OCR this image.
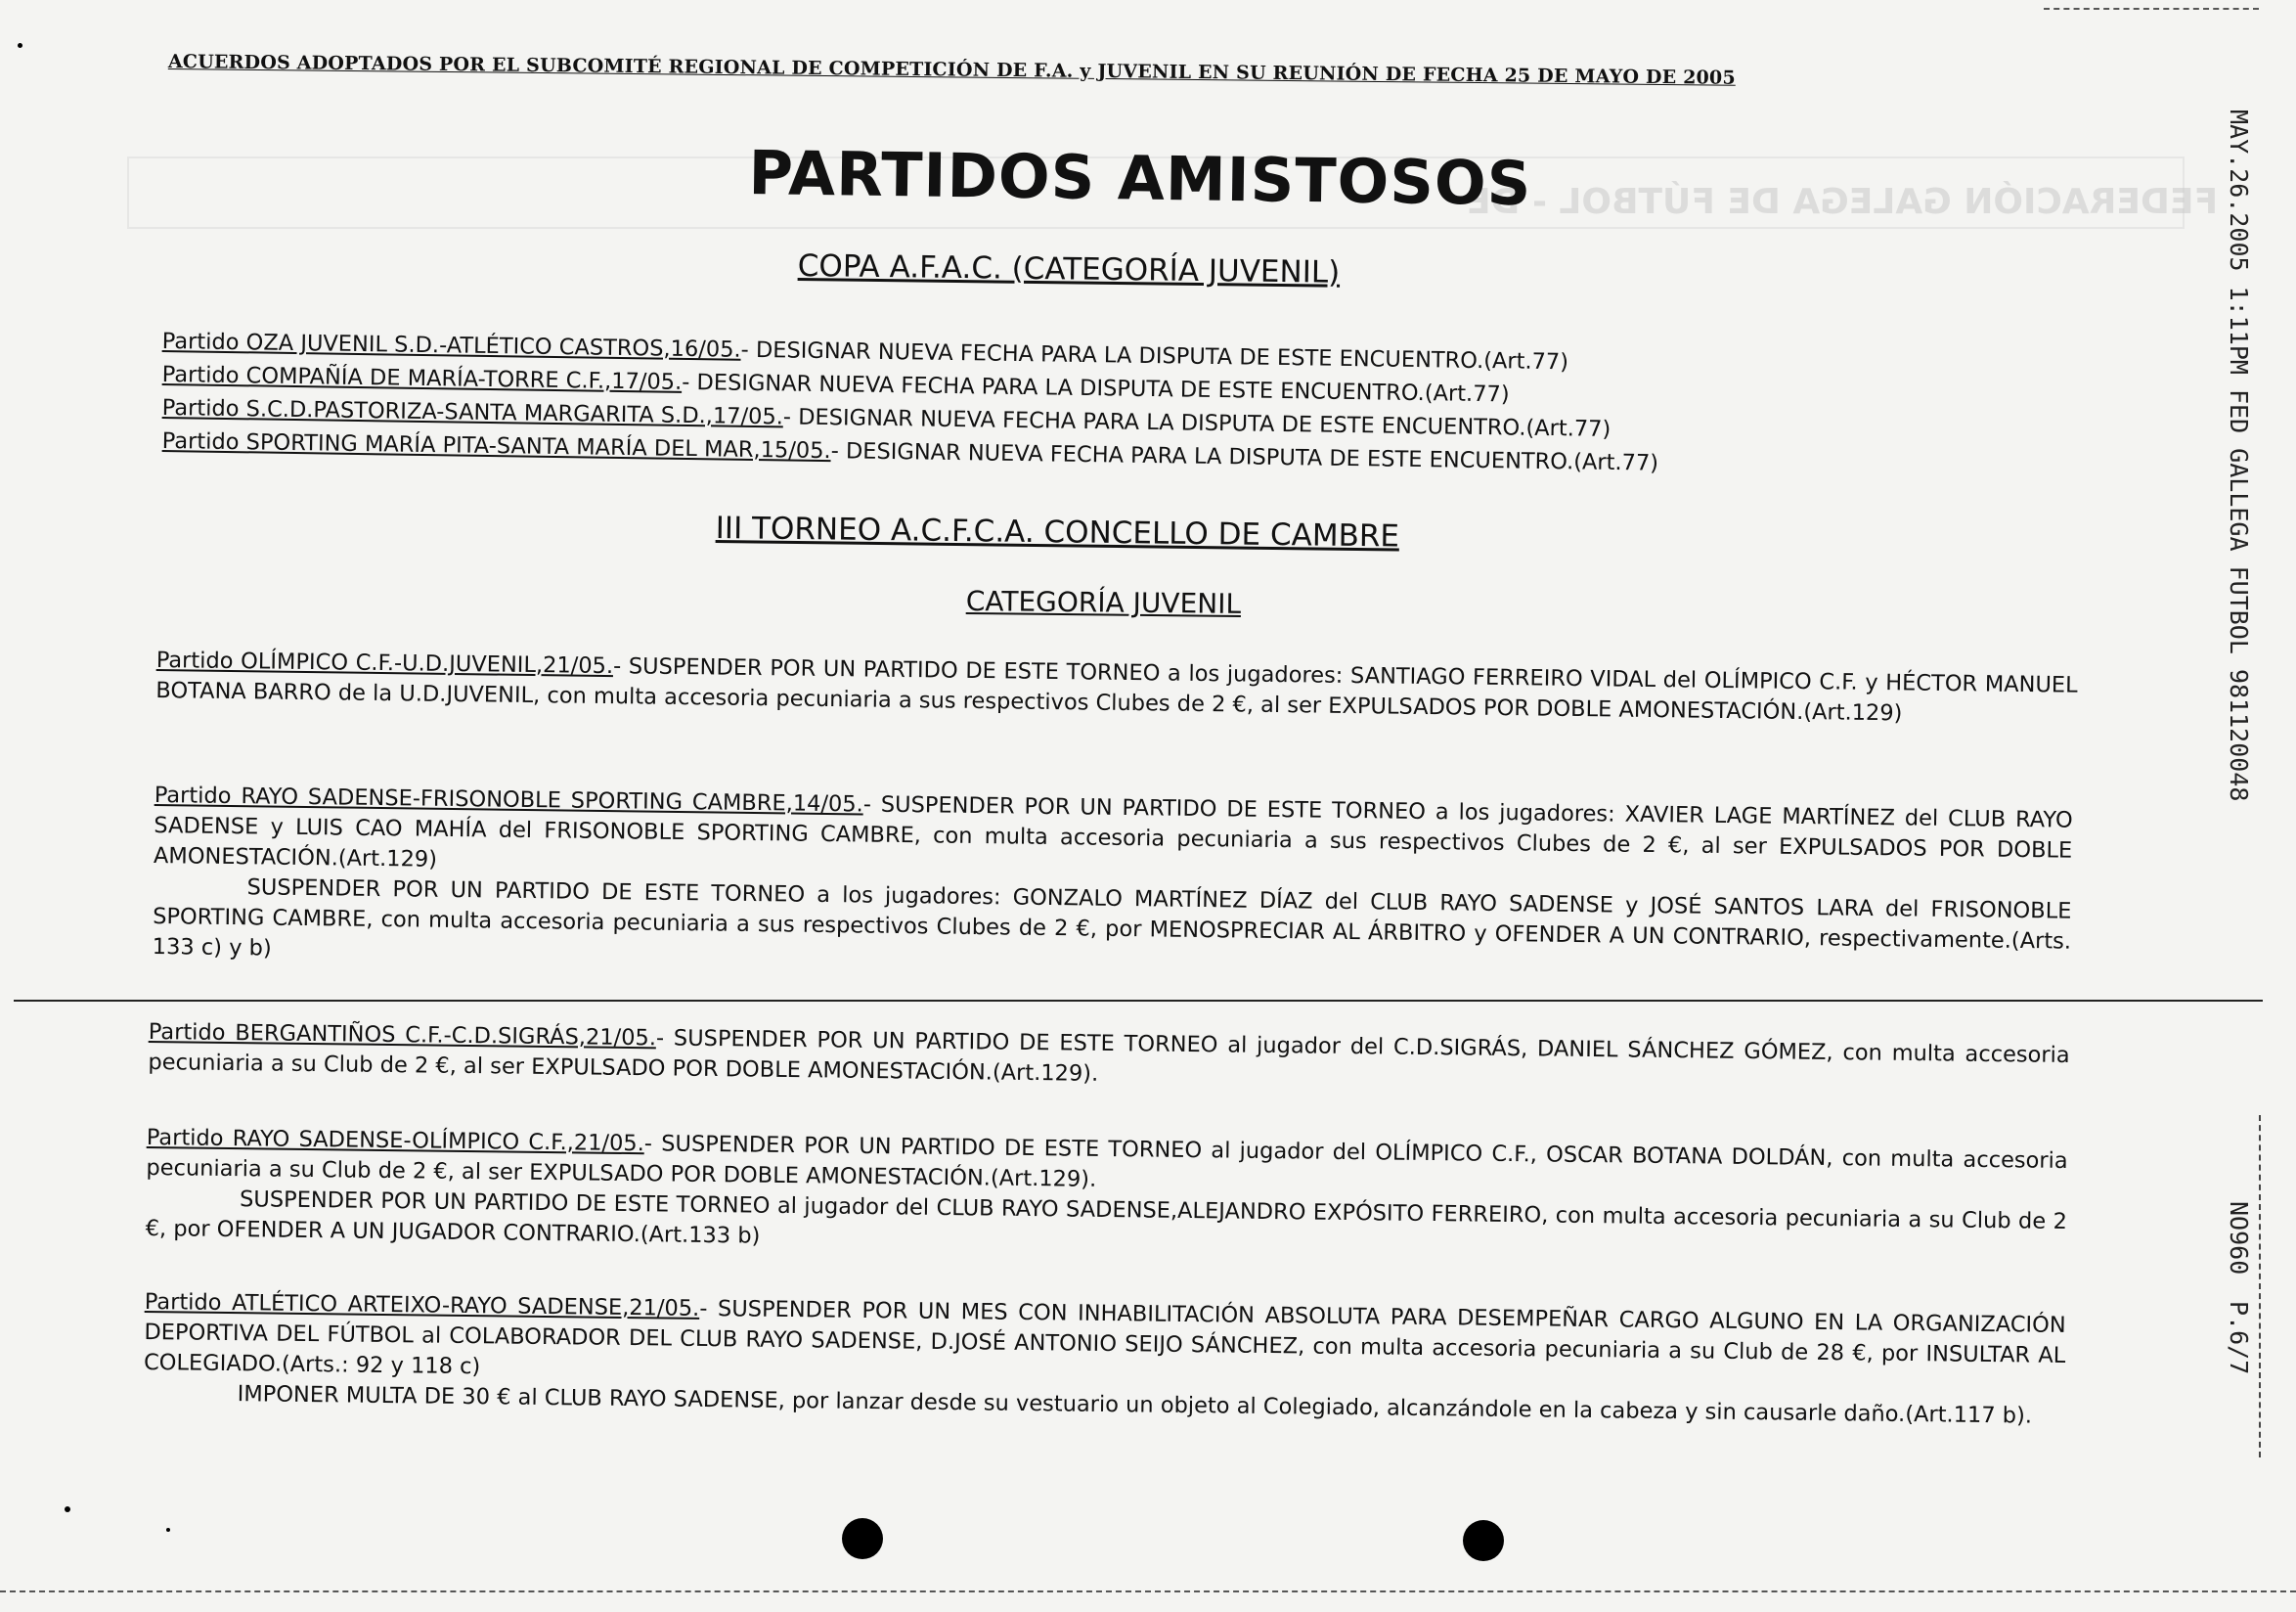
FEDERACIÓN GALEGA DE FÚTBOL - DE
ACUERDOS ADOPTADOS POR EL SUBCOMITÉ REGIONAL DE COMPETICIÓN DE F.A. y JUVENIL EN SU REUNIÓN DE FECHA 25 DE MAYO DE 2005
PARTIDOS AMISTOSOS
COPA A.F.A.C. (CATEGORÍA JUVENIL)
Partido OZA JUVENIL S.D.-ATLÉTICO CASTROS,16/05.- DESIGNAR NUEVA FECHA PARA LA DISPUTA DE ESTE ENCUENTRO.(Art.77)
Partido COMPAÑÍA DE MARÍA-TORRE C.F.,17/05.- DESIGNAR NUEVA FECHA PARA LA DISPUTA DE ESTE ENCUENTRO.(Art.77)
Partido S.C.D.PASTORIZA-SANTA MARGARITA S.D.,17/05.- DESIGNAR NUEVA FECHA PARA LA DISPUTA DE ESTE ENCUENTRO.(Art.77)
Partido SPORTING MARÍA PITA-SANTA MARÍA DEL MAR,15/05.- DESIGNAR NUEVA FECHA PARA LA DISPUTA DE ESTE ENCUENTRO.(Art.77)
III TORNEO A.C.F.C.A. CONCELLO DE CAMBRE
CATEGORÍA JUVENIL
Partido OLÍMPICO C.F.-U.D.JUVENIL,21/05.- SUSPENDER POR UN PARTIDO DE ESTE TORNEO a los jugadores: SANTIAGO FERREIRO VIDAL del OLÍMPICO C.F. y HÉCTOR MANUEL BOTANA BARRO de la U.D.JUVENIL, con multa accesoria pecuniaria a sus respectivos Clubes de 2 €, al ser EXPULSADOS POR DOBLE AMONESTACIÓN.(Art.129)
Partido RAYO SADENSE-FRISONOBLE SPORTING CAMBRE,14/05.- SUSPENDER POR UN PARTIDO DE ESTE TORNEO a los jugadores: XAVIER LAGE MARTÍNEZ del CLUB RAYO SADENSE y LUIS CAO MAHÍA del FRISONOBLE SPORTING CAMBRE, con multa accesoria pecuniaria a sus respectivos Clubes de 2 €, al ser EXPULSADOS POR DOBLE AMONESTACIÓN.(Art.129)
SUSPENDER POR UN PARTIDO DE ESTE TORNEO a los jugadores: GONZALO MARTÍNEZ DÍAZ del CLUB RAYO SADENSE y JOSÉ SANTOS LARA del FRISONOBLE SPORTING CAMBRE, con multa accesoria pecuniaria a sus respectivos Clubes de 2 €, por MENOSPRECIAR AL ÁRBITRO y OFENDER A UN CONTRARIO, respectivamente.(Arts. 133 c) y b)
Partido BERGANTIÑOS C.F.-C.D.SIGRÁS,21/05.- SUSPENDER POR UN PARTIDO DE ESTE TORNEO al jugador del C.D.SIGRÁS, DANIEL SÁNCHEZ GÓMEZ, con multa accesoria pecuniaria a su Club de 2 €, al ser EXPULSADO POR DOBLE AMONESTACIÓN.(Art.129).
Partido RAYO SADENSE-OLÍMPICO C.F.,21/05.- SUSPENDER POR UN PARTIDO DE ESTE TORNEO al jugador del OLÍMPICO C.F., OSCAR BOTANA DOLDÁN, con multa accesoria pecuniaria a su Club de 2 €, al ser EXPULSADO POR DOBLE AMONESTACIÓN.(Art.129).
SUSPENDER POR UN PARTIDO DE ESTE TORNEO al jugador del CLUB RAYO SADENSE,ALEJANDRO EXPÓSITO FERREIRO, con multa accesoria pecuniaria a su Club de 2 €, por OFENDER A UN JUGADOR CONTRARIO.(Art.133 b)
Partido ATLÉTICO ARTEIXO-RAYO SADENSE,21/05.- SUSPENDER POR UN MES CON INHABILITACIÓN ABSOLUTA PARA DESEMPEÑAR CARGO ALGUNO EN LA ORGANIZACIÓN DEPORTIVA DEL FÚTBOL al COLABORADOR DEL CLUB RAYO SADENSE, D.JOSÉ ANTONIO SEIJO SÁNCHEZ, con multa accesoria pecuniaria a su Club de 28 €, por INSULTAR AL COLEGIADO.(Arts.: 92 y 118 c)
IMPONER MULTA DE 30 € al CLUB RAYO SADENSE, por lanzar desde su vestuario un objeto al Colegiado, alcanzándole en la cabeza y sin causarle daño.(Art.117 b).
MAY.26.2005 1:11PM FED GALLEGA FUTBOL 981120048
NO960
P.6/7
